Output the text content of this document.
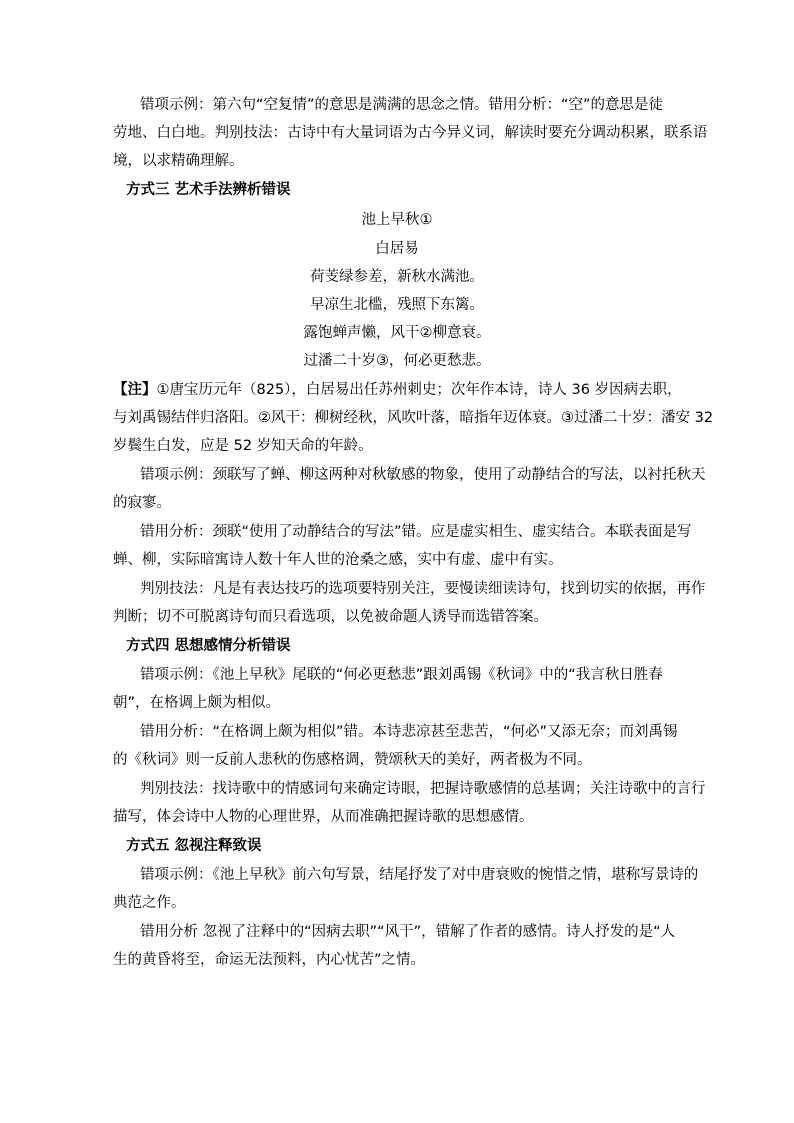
错项示例：第六句“空复情”的意思是满满的思念之情。错用分析：“空”的意思是徒
劳地、白白地。判别技法：古诗中有大量词语为古今异义词，解读时要充分调动积累，联系语
境，以求精确理解。
方式三 艺术手法辨析错误
池上早秋①
白居易
荷芰绿参差，新秋水满池。
早凉生北槛，残照下东篱。
露饱蝉声懒，风干②柳意衰。
过潘二十岁③，何必更愁悲。
【注】①唐宝历元年（825），白居易出任苏州刺史；次年作本诗，诗人 36 岁因病去职，
与刘禹锡结伴归洛阳。②风干：柳树经秋，风吹叶落，暗指年迈体衰。③过潘二十岁：潘安 32
岁鬓生白发，应是 52 岁知天命的年龄。
错项示例：颈联写了蝉、柳这两种对秋敏感的物象，使用了动静结合的写法，以衬托秋天
的寂寥。
错用分析：颈联“使用了动静结合的写法”错。应是虚实相生、虚实结合。本联表面是写
蝉、柳，实际暗寓诗人数十年人世的沧桑之感，实中有虚、虚中有实。
判别技法：凡是有表达技巧的选项要特别关注，要慢读细读诗句，找到切实的依据，再作
判断；切不可脱离诗句而只看选项，以免被命题人诱导而选错答案。
方式四 思想感情分析错误
错项示例：《池上早秋》尾联的“何必更愁悲”跟刘禹锡《秋词》中的“我言秋日胜春
朝”，在格调上颇为相似。
错用分析：“在格调上颇为相似”错。本诗悲凉甚至悲苦，“何必”又添无奈；而刘禹锡
的《秋词》则一反前人悲秋的伤感格调，赞颂秋天的美好，两者极为不同。
判别技法：找诗歌中的情感词句来确定诗眼，把握诗歌感情的总基调；关注诗歌中的言行
描写，体会诗中人物的心理世界，从而准确把握诗歌的思想感情。
方式五 忽视注释致误
错项示例：《池上早秋》前六句写景，结尾抒发了对中唐衰败的惋惜之情，堪称写景诗的
典范之作。
错用分析 忽视了注释中的“因病去职”“风干”，错解了作者的感情。诗人抒发的是“人
生的黄昏将至，命运无法预料，内心忧苦”之情。
